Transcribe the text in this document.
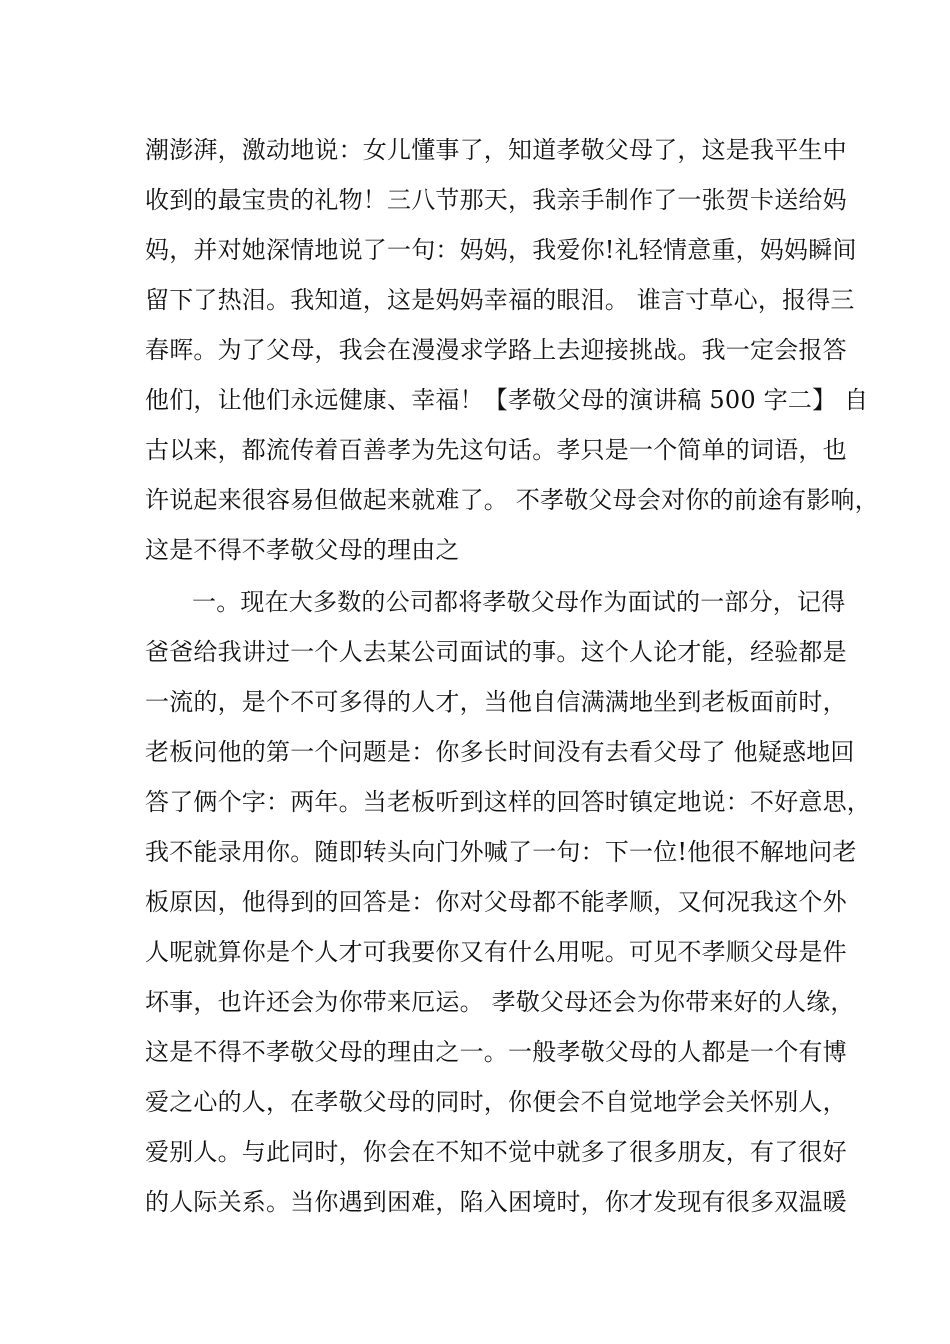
潮澎湃，激动地说：女儿懂事了，知道孝敬父母了，这是我平生中
收到的最宝贵的礼物！三八节那天，我亲手制作了一张贺卡送给妈
妈，并对她深情地说了一句：妈妈，我爱你!礼轻情意重，妈妈瞬间
留下了热泪。我知道，这是妈妈幸福的眼泪。 谁言寸草心，报得三
春晖。为了父母，我会在漫漫求学路上去迎接挑战。我一定会报答
他们，让他们永远健康、幸福！【孝敬父母的演讲稿 500 字二】 自
古以来，都流传着百善孝为先这句话。孝只是一个简单的词语，也
许说起来很容易但做起来就难了。 不孝敬父母会对你的前途有影响，
这是不得不孝敬父母的理由之
一。现在大多数的公司都将孝敬父母作为面试的一部分，记得
爸爸给我讲过一个人去某公司面试的事。这个人论才能，经验都是
一流的，是个不可多得的人才，当他自信满满地坐到老板面前时，
老板问他的第一个问题是：你多长时间没有去看父母了 他疑惑地回
答了俩个字：两年。当老板听到这样的回答时镇定地说：不好意思，
我不能录用你。随即转头向门外喊了一句：下一位!他很不解地问老
板原因，他得到的回答是：你对父母都不能孝顺，又何况我这个外
人呢就算你是个人才可我要你又有什么用呢。可见不孝顺父母是件
坏事，也许还会为你带来厄运。 孝敬父母还会为你带来好的人缘，
这是不得不孝敬父母的理由之一。一般孝敬父母的人都是一个有博
爱之心的人，在孝敬父母的同时，你便会不自觉地学会关怀别人，
爱别人。与此同时，你会在不知不觉中就多了很多朋友，有了很好
的人际关系。当你遇到困难，陷入困境时，你才发现有很多双温暖
